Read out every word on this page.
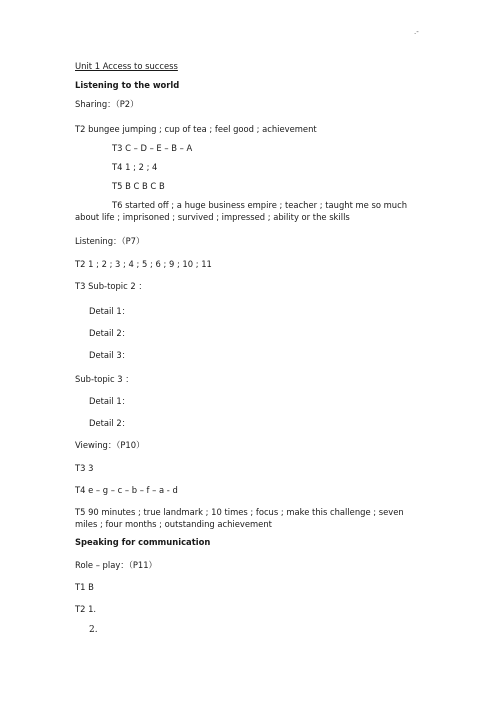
.-
Unit 1 Access to success
Listening to the world
Sharing：（P2）
T2 bungee jumping ; cup of tea ; feel good ; achievement
T3 C – D – E – B – A
T4 1 ; 2 ; 4
T5 B C B C B
T6 started off ; a huge business empire ; teacher ; taught me so much
about life ; imprisoned ; survived ; impressed ; ability or the skills
Listening：（P7）
T2 1 ; 2 ; 3 ; 4 ; 5 ; 6 ; 9 ; 10 ; 11
T3 Sub-topic 2 ：
Detail 1：
Detail 2：
Detail 3：
Sub-topic 3 ：
Detail 1：
Detail 2：
Viewing：（P10）
T3 3
T4 e – g – c – b – f – a - d
T5 90 minutes ; true landmark ; 10 times ; focus ; make this challenge ; seven
miles ; four months ; outstanding achievement
Speaking for communication
Role – play：（P11）
T1 B
T2 1.
2.
